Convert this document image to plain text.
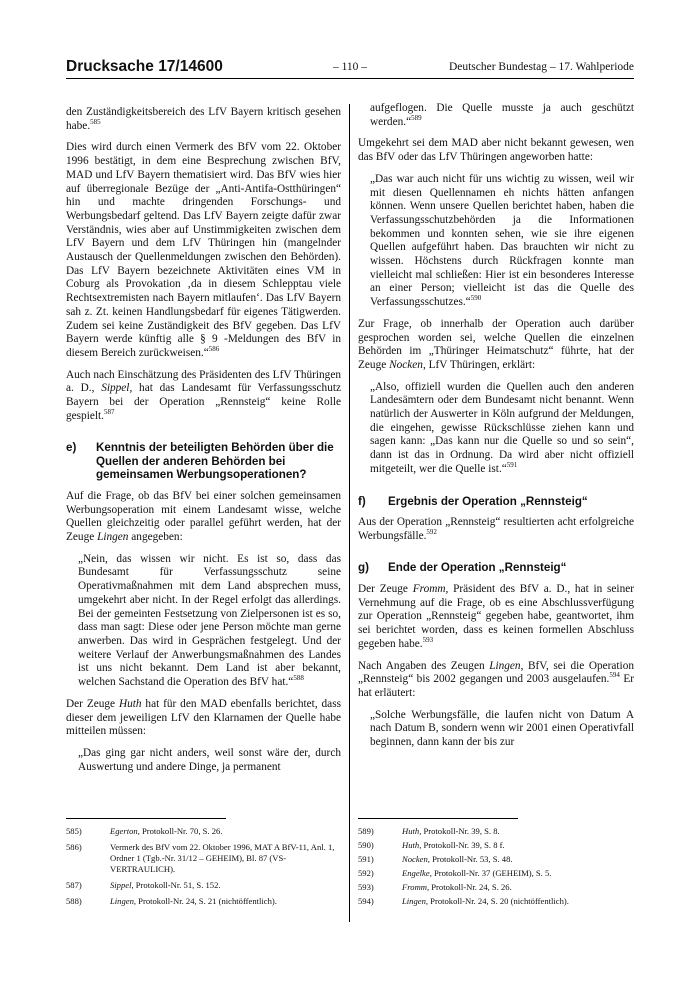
Drucksache 17/14600	– 110 –	Deutscher Bundestag – 17. Wahlperiode

den Zuständigkeitsbereich des LfV Bayern kritisch gesehen habe.$^{585}$

Dies wird durch einen Vermerk des BfV vom 22. Oktober 1996 bestätigt, in dem eine Besprechung zwischen BfV, MAD und LfV Bayern thematisiert wird. Das BfV wies hier auf überregionale Bezüge der „Anti-Antifa-Ostthüringen“ hin und machte dringenden Forschungs- und Werbungsbedarf geltend. Das LfV Bayern zeigte dafür zwar Verständnis, wies aber auf Unstimmigkeiten zwischen dem LfV Bayern und dem LfV Thüringen hin (mangelnder Austausch der Quellenmeldungen zwischen den Behörden). Das LfV Bayern bezeichnete Aktivitäten eines VM in Coburg als Provokation ‚da in diesem Schlepptau viele Rechtsextremisten nach Bayern mitlaufen‘. Das LfV Bayern sah z. Zt. keinen Handlungsbedarf für eigenes Tätigwerden. Zudem sei keine Zuständigkeit des BfV gegeben. Das LfV Bayern werde künftig alle § 9 -Meldungen des BfV in diesem Bereich zurückweisen.“$^{586}$

Auch nach Einschätzung des Präsidenten des LfV Thüringen a. D., Sippel, hat das Landesamt für Verfassungsschutz Bayern bei der Operation „Rennsteig“ keine Rolle gespielt.$^{587}$

e)	Kenntnis der beteiligten Behörden über die Quellen der anderen Behörden bei gemeinsamen Werbungsoperationen?

Auf die Frage, ob das BfV bei einer solchen gemeinsamen Werbungsoperation mit einem Landesamt wisse, welche Quellen gleichzeitig oder parallel geführt werden, hat der Zeuge Lingen angegeben:

„Nein, das wissen wir nicht. Es ist so, dass das Bundesamt für Verfassungsschutz seine Operativmaßnahmen mit dem Land absprechen muss, umgekehrt aber nicht. In der Regel erfolgt das allerdings. Bei der gemeinten Festsetzung von Zielpersonen ist es so, dass man sagt: Diese oder jene Person möchte man gerne anwerben. Das wird in Gesprächen festgelegt. Und der weitere Verlauf der Anwerbungsmaßnahmen des Landes ist uns nicht bekannt. Dem Land ist aber bekannt, welchen Sachstand die Operation des BfV hat.“$^{588}$

Der Zeuge Huth hat für den MAD ebenfalls berichtet, dass dieser dem jeweiligen LfV den Klarnamen der Quelle habe mitteilen müssen:

„Das ging gar nicht anders, weil sonst wäre der, durch Auswertung und andere Dinge, ja permanent

aufgeflogen. Die Quelle musste ja auch geschützt werden.“$^{589}$

Umgekehrt sei dem MAD aber nicht bekannt gewesen, wen das BfV oder das LfV Thüringen angeworben hatte:

„Das war auch nicht für uns wichtig zu wissen, weil wir mit diesen Quellennamen eh nichts hätten anfangen können. Wenn unsere Quellen berichtet haben, haben die Verfassungsschutzbehörden ja die Informationen bekommen und konnten sehen, wie sie ihre eigenen Quellen aufgeführt haben. Das brauchten wir nicht zu wissen. Höchstens durch Rückfragen konnte man vielleicht mal schließen: Hier ist ein besonderes Interesse an einer Person; vielleicht ist das die Quelle des Verfassungsschutzes.“$^{590}$

Zur Frage, ob innerhalb der Operation auch darüber gesprochen worden sei, welche Quellen die einzelnen Behörden im „Thüringer Heimatschutz“ führte, hat der Zeuge Nocken, LfV Thüringen, erklärt:

„Also, offiziell wurden die Quellen auch den anderen Landesämtern oder dem Bundesamt nicht benannt. Wenn natürlich der Auswerter in Köln aufgrund der Meldungen, die eingehen, gewisse Rückschlüsse ziehen kann und sagen kann: „Das kann nur die Quelle so und so sein“, dann ist das in Ordnung. Da wird aber nicht offiziell mitgeteilt, wer die Quelle ist.“$^{591}$

f)	Ergebnis der Operation „Rennsteig“

Aus der Operation „Rennsteig“ resultierten acht erfolgreiche Werbungsfälle.$^{592}$

g)	Ende der Operation „Rennsteig“

Der Zeuge Fromm, Präsident des BfV a. D., hat in seiner Vernehmung auf die Frage, ob es eine Abschlussverfügung zur Operation „Rennsteig“ gegeben habe, geantwortet, ihm sei berichtet worden, dass es keinen formellen Abschluss gegeben habe.$^{593}$

Nach Angaben des Zeugen Lingen, BfV, sei die Operation „Rennsteig“ bis 2002 gegangen und 2003 ausgelaufen.$^{594}$ Er hat erläutert:

„Solche Werbungsfälle, die laufen nicht von Datum A nach Datum B, sondern wenn wir 2001 einen Operativfall beginnen, dann kann der bis zur

585)	Egerton, Protokoll-Nr. 70, S. 26.
586)	Vermerk des BfV vom 22. Oktober 1996, MAT A BfV-11, Anl. 1, Ordner 1 (Tgb.-Nr. 31/12 – GEHEIM), Bl. 87 (VS-VERTRAULICH).
587)	Sippel, Protokoll-Nr. 51, S. 152.
588)	Lingen, Protokoll-Nr. 24, S. 21 (nichtöffentlich).
589)	Huth, Protokoll-Nr. 39, S. 8.
590)	Huth, Protokoll-Nr. 39, S. 8 f.
591)	Nocken, Protokoll-Nr. 53, S. 48.
592)	Engelke, Protokoll-Nr. 37 (GEHEIM), S. 5.
593)	Fromm, Protokoll-Nr. 24, S. 26.
594)	Lingen, Protokoll-Nr. 24, S. 20 (nichtöffentlich).
